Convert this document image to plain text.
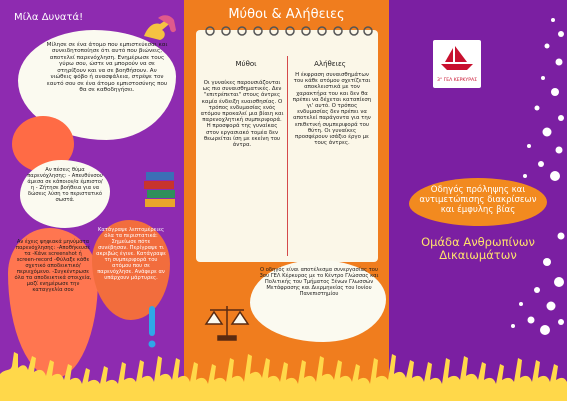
Μίλα Δυνατά!
Μίλησε σε ένα άτομο που εμπιστεύεσαι και συνειδητοποίησε ότι αυτό που βιώνεις, αποτελεί παρενόχληση. Ενημέρωσε τους γύρω σου, ώστε να μπορούν να σε στηρίξουν και να σε βοηθήσουν. Αν νιώθεις φόβο ή ανασφάλεια, στρέψε τον εαυτό σου σε ένα άτομο εμπιστοσύνης που θα σε καθοδηγήσει.
Αν πέσεις θύμα παρενόχλησης: - Απευθύνσου άμεσα σε κάποιον/α έμπιστο/η - Ζήτησε βοήθεια για να δώσεις λύση το περιστατικό σωστά.
Αν έχεις ψηφιακά μηνύματα παρενόχλησης: -Αποθήκευσέ τα -Κάνε screenshot ή screen-record -Φύλαξε κάθε σχετικό αποδεικτικό/περιεχόμενο. -Συγκέντρωσε όλα τα αποδεικτικά στοιχεία, μαζί ενημέρωσε την καταγγελία σου
Κατάγραψε λεπτομέρειες όλα τα περιστατικά: Σημείωσε πότε συνέβησαν. Περίγραψε τι ακριβώς έγινε. Κατάγραψε τη συμπεριφορά του ατόμου που σε παρενόχλησε. Ανάφερε αν υπάρχουν μάρτυρες.
Μύθοι & Αλήθειες
Μύθοι	Αλήθειες
Οι γυναίκες παρουσιάζονται ως πιο συναισθηματικές. Δεν "επιτρέπεται" στους άντρες καμία ένδειξη ευαισθησίας. Ο τρόπος ενδυμασίας ενός ατόμου προκαλεί μια βίαιη και παρενοχλητική συμπεριφορά. Η προσφορά της γυναίκας στον εργασιακό τομέα δεν θεωρείται ίση με εκείνη του άντρα.
Η έκφραση συναισθημάτων του κάθε ατόμου σχετίζεται αποκλειστικά με τον χαρακτήρα του και δεν θα πρέπει να δέχεται καταπίεση γι' αυτό. Ο τρόπος ενδυμασίας δεν πρέπει να αποτελεί παράγοντα για την επιθετική συμπεριφορά του θύτη. Οι γυναίκες προσφέρουν ισάξιο έργο με τους άντρες.
Ο οδηγός είναι αποτέλεσμα συνεργασίας του 3ου ΓΕΛ Κέρκυρας με το Κέντρο Γλώσσας και Πολιτικής του Τμήματος Ξένων Γλωσσών Μετάφρασης και Διερμηνείας του Ιονίου Πανεπιστημίου
3° ΓΕΛ ΚΕΡΚΥΡΑΣ
Οδηγός πρόληψης και αντιμετώπισης διακρίσεων και έμφυλης βίας
Ομάδα Ανθρωπίνων Δικαιωμάτων
